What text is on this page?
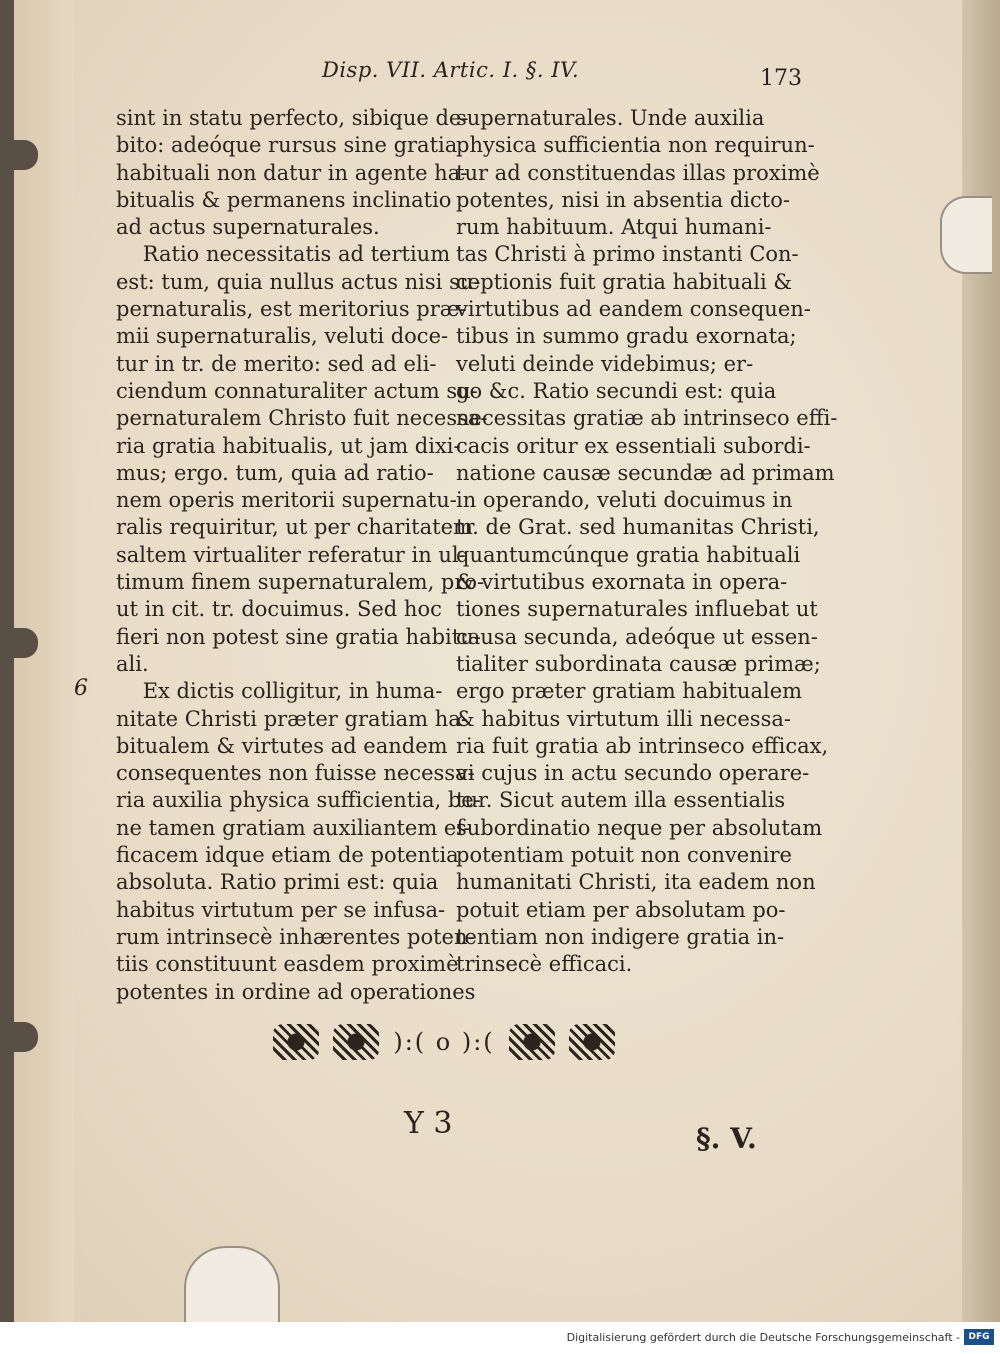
Disp. VII. Artic. I. §. IV.	173
6
sint in statu perfecto, sibique
bito: adeóque rursus sine gratia
habituali non datur in agente
bitualis & permanens inclinatio
ad actus supernaturales.
Ratio necessitatis ad tertium
est: tum, quia nullus actus nisi
pernaturalis, est meritorius præ-
mii supernaturalis, veluti doce-
tur in tr. de merito: sed ad eli-
ciendum connaturaliter actum
pernaturalem Christo fuit necessa-
ria gratia habitualis, ut jam dixi-
mus; ergo. tum, quia ad ratio-
nem operis meritorii supernatu-
ralis requiritur, ut per charitatem
saltem virtualiter referatur in
timum finem supernaturalem,
ut in cit. tr. docuimus. Sed hoc
fieri non potest sine gratia habitu-
ali.
Ex dictis colligitur, in huma-
nitate Christi præter gratiam
bitualem & virtutes ad eandem
consequentes non fuisse necessa-
ria auxilia physica sufficientia,
ne tamen gratiam auxiliantem
ficacem idque etiam de potentia
absoluta. Ratio primi est: quia
habitus virtutum per se infusa-
rum intrinsecè inhærentes poten-
tiis constituunt easdem proximè
potentes in ordine ad operationes
supernaturales. Unde auxilia
physica sufficientia non requirun-
tur ad constituendas illas proximè
potentes, nisi in absentia dicto-
rum habituum. Atqui humani-
tas Christi à primo instanti Con-
ceptionis fuit gratia habituali &
virtutibus ad eandem consequen-
tibus in summo gradu exornata;
veluti deinde videbimus; er-
go &c. Ratio secundi est: quia
necessitas gratiæ ab intrinseco
cacis oritur ex essentiali subordi-
natione causæ secundæ ad primam
in operando, veluti docuimus in
tr. de Grat. sed humanitas Christi,
quantumcúnque gratia habituali
& virtutibus exornata in opera-
tiones supernaturales influebat ut
causa secunda, adeóque ut essen-
tialiter subordinata causæ primæ;
ergo præter gratiam habitualem
& habitus virtutum illi necessa-
ria fuit gratia ab intrinseco efficax,
vi cujus in actu secundo operare-
tur. Sicut autem illa essentialis
subordinatio neque per absolutam
potentiam potuit non convenire
humanitati Christi, ita eadem non
potuit etiam per absolutam po-
tentiam non indigere gratia in-
trinsecè efficaci.
):( o ):(
Y 3	§. V.
Digitalisierung gefördert durch die Deutsche Forschungsgemeinschaft - DFG
